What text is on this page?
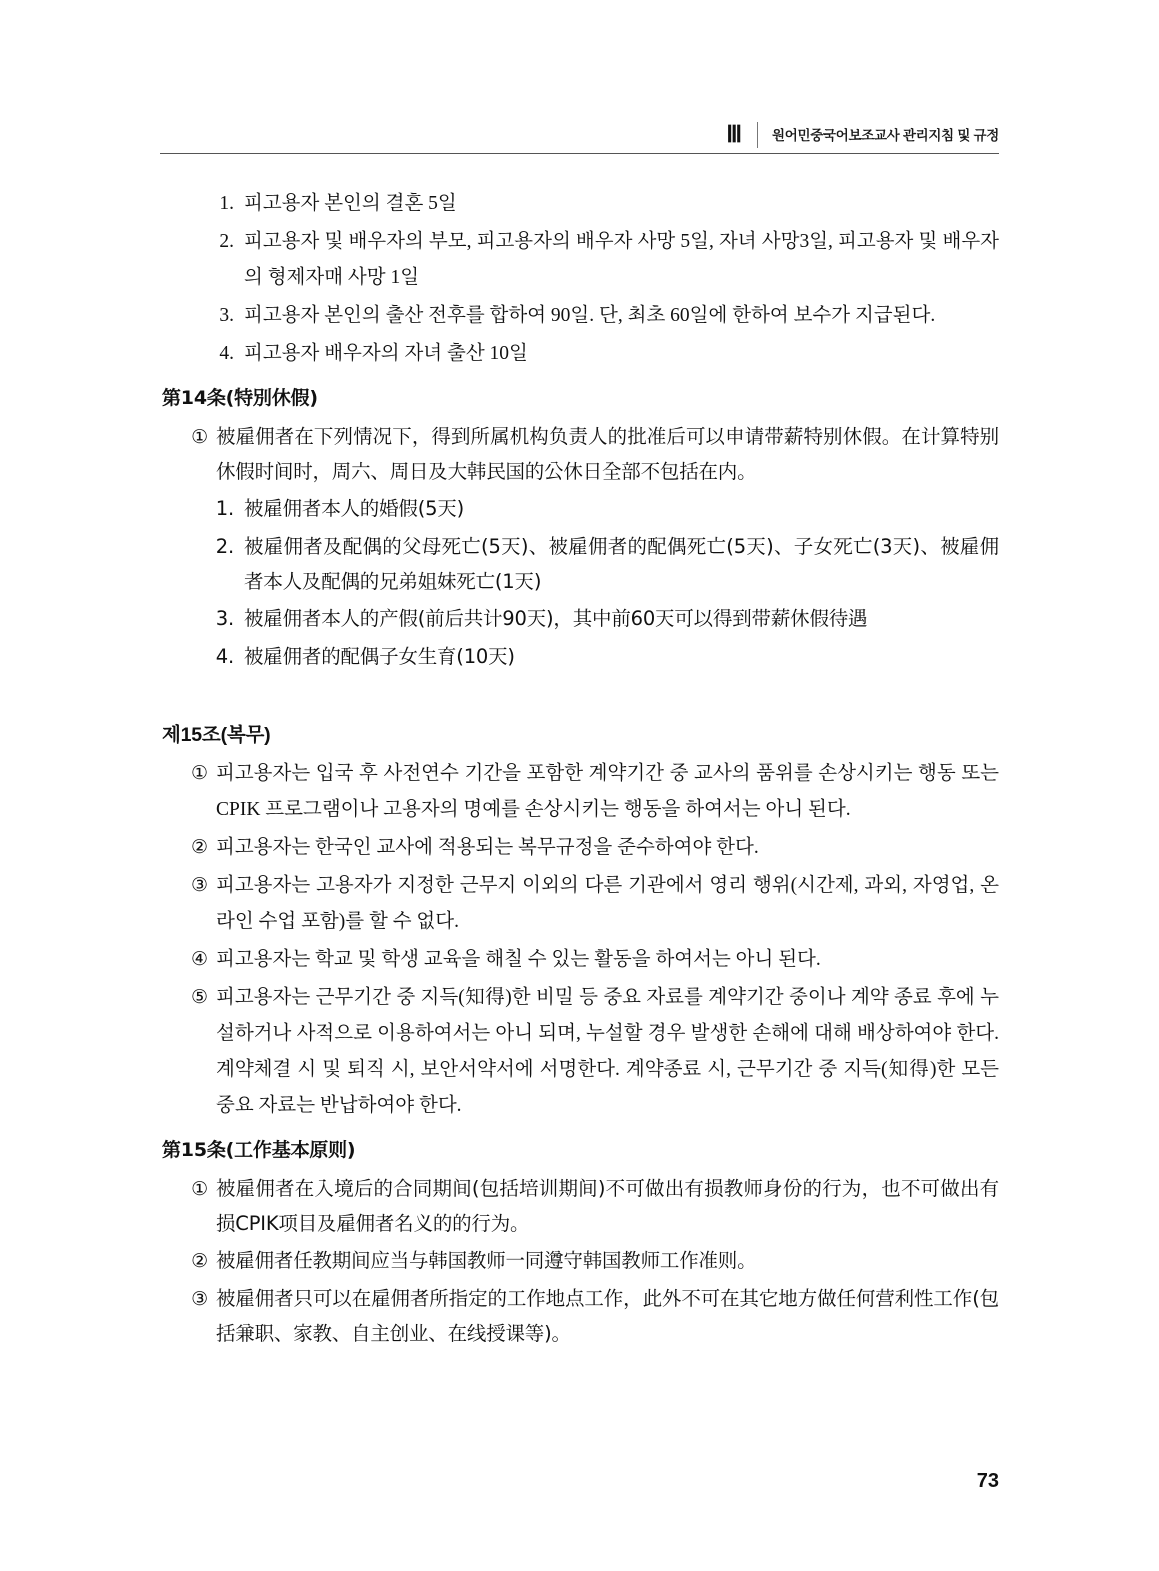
Ⅲ 원어민중국어보조교사 관리지침 및 규정
1. 피고용자 본인의 결혼 5일
2. 피고용자 및 배우자의 부모, 피고용자의 배우자 사망 5일, 자녀 사망3일, 피고용자 및 배우자의 형제자매 사망 1일
3. 피고용자 본인의 출산 전후를 합하여 90일. 단, 최초 60일에 한하여 보수가 지급된다.
4. 피고용자 배우자의 자녀 출산 10일
第14条(特別休假)
① 被雇佣者在下列情况下，得到所属机构负责人的批准后可以申请带薪特别休假。在计算特别休假时间时，周六、周日及大韩民国的公休日全部不包括在内。
1. 被雇佣者本人的婚假(5天)
2. 被雇佣者及配偶的父母死亡(5天)、被雇佣者的配偶死亡(5天)、子女死亡(3天)、被雇佣者本人及配偶的兄弟姐妹死亡(1天)
3. 被雇佣者本人的产假(前后共计90天)，其中前60天可以得到带薪休假待遇
4. 被雇佣者的配偶子女生育(10天)
제15조(복무)
① 피고용자는 입국 후 사전연수 기간을 포함한 계약기간 중 교사의 품위를 손상시키는 행동 또는 CPIK 프로그램이나 고용자의 명예를 손상시키는 행동을 하여서는 아니 된다.
② 피고용자는 한국인 교사에 적용되는 복무규정을 준수하여야 한다.
③ 피고용자는 고용자가 지정한 근무지 이외의 다른 기관에서 영리 행위(시간제, 과외, 자영업, 온라인 수업 포함)를 할 수 없다.
④ 피고용자는 학교 및 학생 교육을 해칠 수 있는 활동을 하여서는 아니 된다.
⑤ 피고용자는 근무기간 중 지득(知得)한 비밀 등 중요 자료를 계약기간 중이나 계약 종료 후에 누설하거나 사적으로 이용하여서는 아니 되며, 누설할 경우 발생한 손해에 대해 배상하여야 한다. 계약체결 시 및 퇴직 시, 보안서약서에 서명한다. 계약종료 시, 근무기간 중 지득(知得)한 모든 중요 자료는 반납하여야 한다.
第15条(工作基本原则)
① 被雇佣者在入境后的合同期间(包括培训期间)不可做出有损教师身份的行为，也不可做出有损CPIK项目及雇佣者名义的的行为。
② 被雇佣者任教期间应当与韩国教师一同遵守韩国教师工作准则。
③ 被雇佣者只可以在雇佣者所指定的工作地点工作，此外不可在其它地方做任何营利性工作(包括兼职、家教、自主创业、在线授课等)。
73
